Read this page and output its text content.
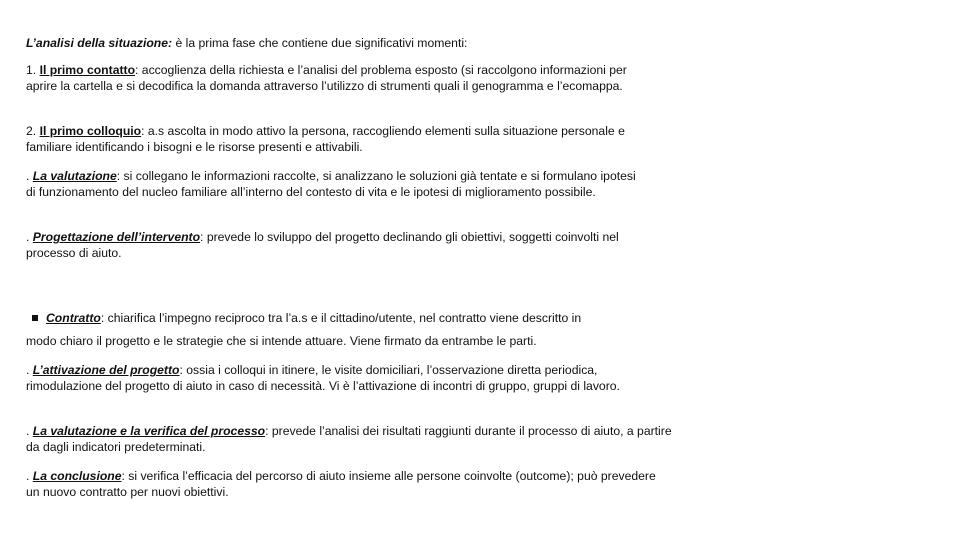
L’analisi della situazione: è la prima fase che contiene due significativi momenti:

1. Il primo contatto: accoglienza della richiesta e l’analisi del problema esposto (si raccolgono informazioni per aprire la cartella e si decodifica la domanda attraverso l’utilizzo di strumenti quali il genogramma e l’ecomappa.

2. Il primo colloquio: a.s ascolta in modo attivo la persona, raccogliendo elementi sulla situazione personale e familiare identificando i bisogni e le risorse presenti e attivabili.

. La valutazione: si collegano le informazioni raccolte, si analizzano le soluzioni già tentate e si formulano ipotesi di funzionamento del nucleo familiare all’interno del contesto di vita e le ipotesi di miglioramento possibile.

. Progettazione dell’intervento: prevede lo sviluppo del progetto declinando gli obiettivi, soggetti coinvolti nel processo di aiuto.

Contratto: chiarifica l’impegno reciproco tra l’a.s e il cittadino/utente, nel contratto viene descritto in

modo chiaro il progetto e le strategie che si intende attuare. Viene firmato da entrambe le parti.

. L’attivazione del progetto: ossia i colloqui in itinere, le visite domiciliari, l’osservazione diretta periodica, rimodulazione del progetto di aiuto in caso di necessità. Vi è l’attivazione di incontri di gruppo, gruppi di lavoro.

. La valutazione e la verifica del processo: prevede l’analisi dei risultati raggiunti durante il processo di aiuto, a partire da dagli indicatori predeterminati.

. La conclusione: si verifica l’efficacia del percorso di aiuto insieme alle persone coinvolte (outcome); può prevedere un nuovo contratto per nuovi obiettivi.
